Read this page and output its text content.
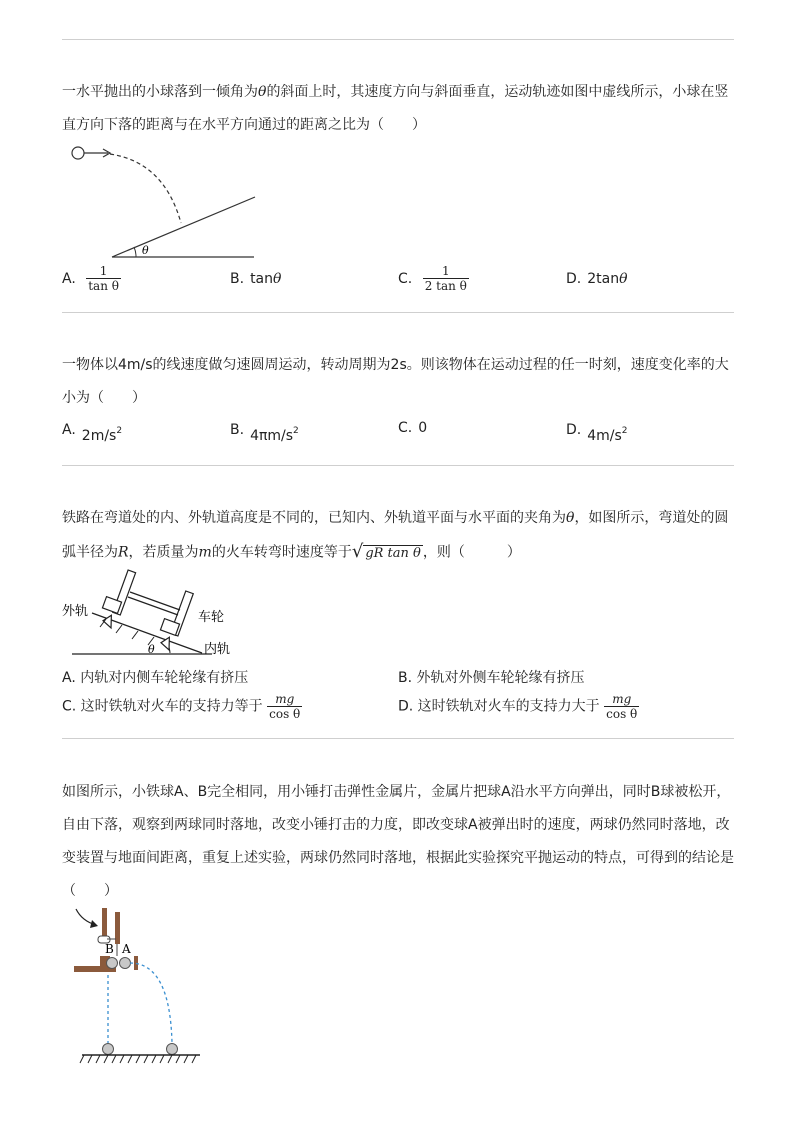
一水平抛出的小球落到一倾角为θ的斜面上时，其速度方向与斜面垂直，运动轨迹如图中虚线所示，小球在竖直方向下落的距离与在水平方向通过的距离之比为（　　）

θ
A. $\frac{1}{\text{tan θ}}$	B. tanθ	C. $\frac{1}{\text{2 tan θ}}$	D. 2tanθ

一物体以4m/s的线速度做匀速圆周运动，转动周期为2s。则该物体在运动过程的任一时刻，速度变化率的大小为（　　）

A. $2m/s^2$	B. $4\pi m/s^2$	C. 0	D. $4m/s^2$

铁路在弯道处的内、外轨道高度是不同的，已知内、外轨道平面与水平面的夹角为θ，如图所示，弯道处的圆弧半径为R，若质量为m的火车转弯时速度等于√ gR tan θ ，则（　　　）

外轨	车轮
内轨
θ
A. 内轨对内侧车轮轮缘有挤压	B. 外轨对外侧车轮轮缘有挤压
C. 这时铁轨对火车的支持力等于 $\frac{mg}{\text{cos θ}}$	D. 这时铁轨对火车的支持力大于 $\frac{mg}{\text{cos θ}}$

如图所示，小铁球A、B完全相同，用小锤打击弹性金属片，金属片把球A沿水平方向弹出，同时B球被松开，自由下落，观察到两球同时落地，改变小锤打击的力度，即改变球A被弹出时的速度，两球仍然同时落地，改变装置与地面间距离，重复上述实验，两球仍然同时落地，根据此实验探究平抛运动的特点，可得到的结论是（　　）

B A
